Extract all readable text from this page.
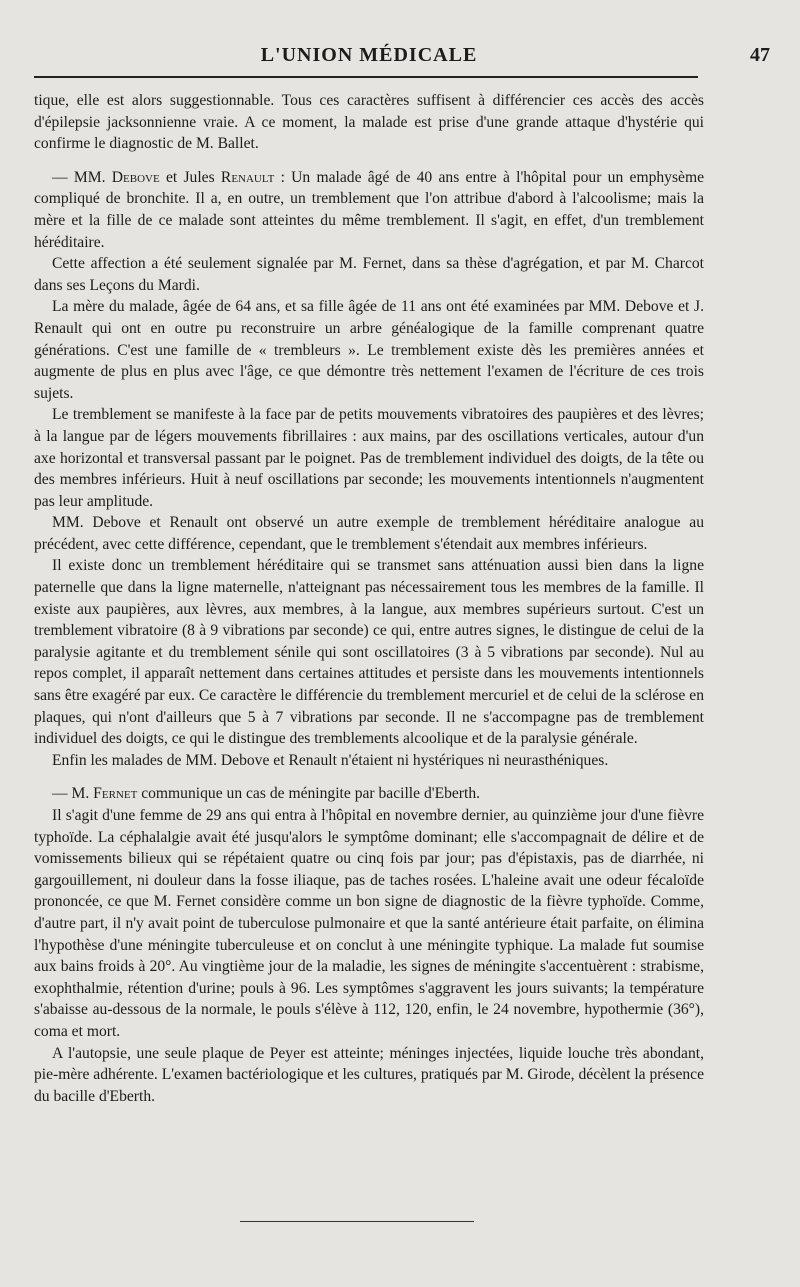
L'UNION MÉDICALE	47

tique, elle est alors suggestionnable. Tous ces caractères suffisent à différencier ces accès des accès d'épilepsie jacksonnienne vraie. A ce moment, la malade est prise d'une grande attaque d'hystérie qui confirme le diagnostic de M. Ballet.

— MM. Debove et Jules Renault : Un malade âgé de 40 ans entre à l'hôpital pour un emphysème compliqué de bronchite. Il a, en outre, un tremblement que l'on attribue d'abord à l'alcoolisme; mais la mère et la fille de ce malade sont atteintes du même tremblement. Il s'agit, en effet, d'un tremblement héréditaire.

Cette affection a été seulement signalée par M. Fernet, dans sa thèse d'agrégation, et par M. Charcot dans ses Leçons du Mardi.

La mère du malade, âgée de 64 ans, et sa fille âgée de 11 ans ont été examinées par MM. Debove et J. Renault qui ont en outre pu reconstruire un arbre généalogique de la famille comprenant quatre générations. C'est une famille de « trembleurs ». Le tremblement existe dès les premières années et augmente de plus en plus avec l'âge, ce que démontre très nettement l'examen de l'écriture de ces trois sujets.

Le tremblement se manifeste à la face par de petits mouvements vibratoires des paupières et des lèvres; à la langue par de légers mouvements fibrillaires : aux mains, par des oscillations verticales, autour d'un axe horizontal et transversal passant par le poignet. Pas de tremblement individuel des doigts, de la tête ou des membres inférieurs. Huit à neuf oscillations par seconde; les mouvements intentionnels n'augmentent pas leur amplitude.

MM. Debove et Renault ont observé un autre exemple de tremblement héréditaire analogue au précédent, avec cette différence, cependant, que le tremblement s'étendait aux membres inférieurs.

Il existe donc un tremblement héréditaire qui se transmet sans atténuation aussi bien dans la ligne paternelle que dans la ligne maternelle, n'atteignant pas nécessairement tous les membres de la famille. Il existe aux paupières, aux lèvres, aux membres, à la langue, aux membres supérieurs surtout. C'est un tremblement vibratoire (8 à 9 vibrations par seconde) ce qui, entre autres signes, le distingue de celui de la paralysie agitante et du tremblement sénile qui sont oscillatoires (3 à 5 vibrations par seconde). Nul au repos complet, il apparaît nettement dans certaines attitudes et persiste dans les mouvements intentionnels sans être exagéré par eux. Ce caractère le différencie du tremblement mercuriel et de celui de la sclérose en plaques, qui n'ont d'ailleurs que 5 à 7 vibrations par seconde. Il ne s'accompagne pas de tremblement individuel des doigts, ce qui le distingue des tremblements alcoolique et de la paralysie générale.

Enfin les malades de MM. Debove et Renault n'étaient ni hystériques ni neurasthéniques.

— M. Fernet communique un cas de méningite par bacille d'Eberth.

Il s'agit d'une femme de 29 ans qui entra à l'hôpital en novembre dernier, au quinzième jour d'une fièvre typhoïde. La céphalalgie avait été jusqu'alors le symptôme dominant; elle s'accompagnait de délire et de vomissements bilieux qui se répétaient quatre ou cinq fois par jour; pas d'épistaxis, pas de diarrhée, ni gargouillement, ni douleur dans la fosse iliaque, pas de taches rosées. L'haleine avait une odeur fécaloïde prononcée, ce que M. Fernet considère comme un bon signe de diagnostic de la fièvre typhoïde. Comme, d'autre part, il n'y avait point de tuberculose pulmonaire et que la santé antérieure était parfaite, on élimina l'hypothèse d'une méningite tuberculeuse et on conclut à une méningite typhique. La malade fut soumise aux bains froids à 20°. Au vingtième jour de la maladie, les signes de méningite s'accentuèrent : strabisme, exophthalmie, rétention d'urine; pouls à 96. Les symptômes s'aggravent les jours suivants; la température s'abaisse au-dessous de la normale, le pouls s'élève à 112, 120, enfin, le 24 novembre, hypothermie (36°), coma et mort.

A l'autopsie, une seule plaque de Peyer est atteinte; méninges injectées, liquide louche très abondant, pie-mère adhérente. L'examen bactériologique et les cultures, pratiqués par M. Girode, décèlent la présence du bacille d'Eberth.
